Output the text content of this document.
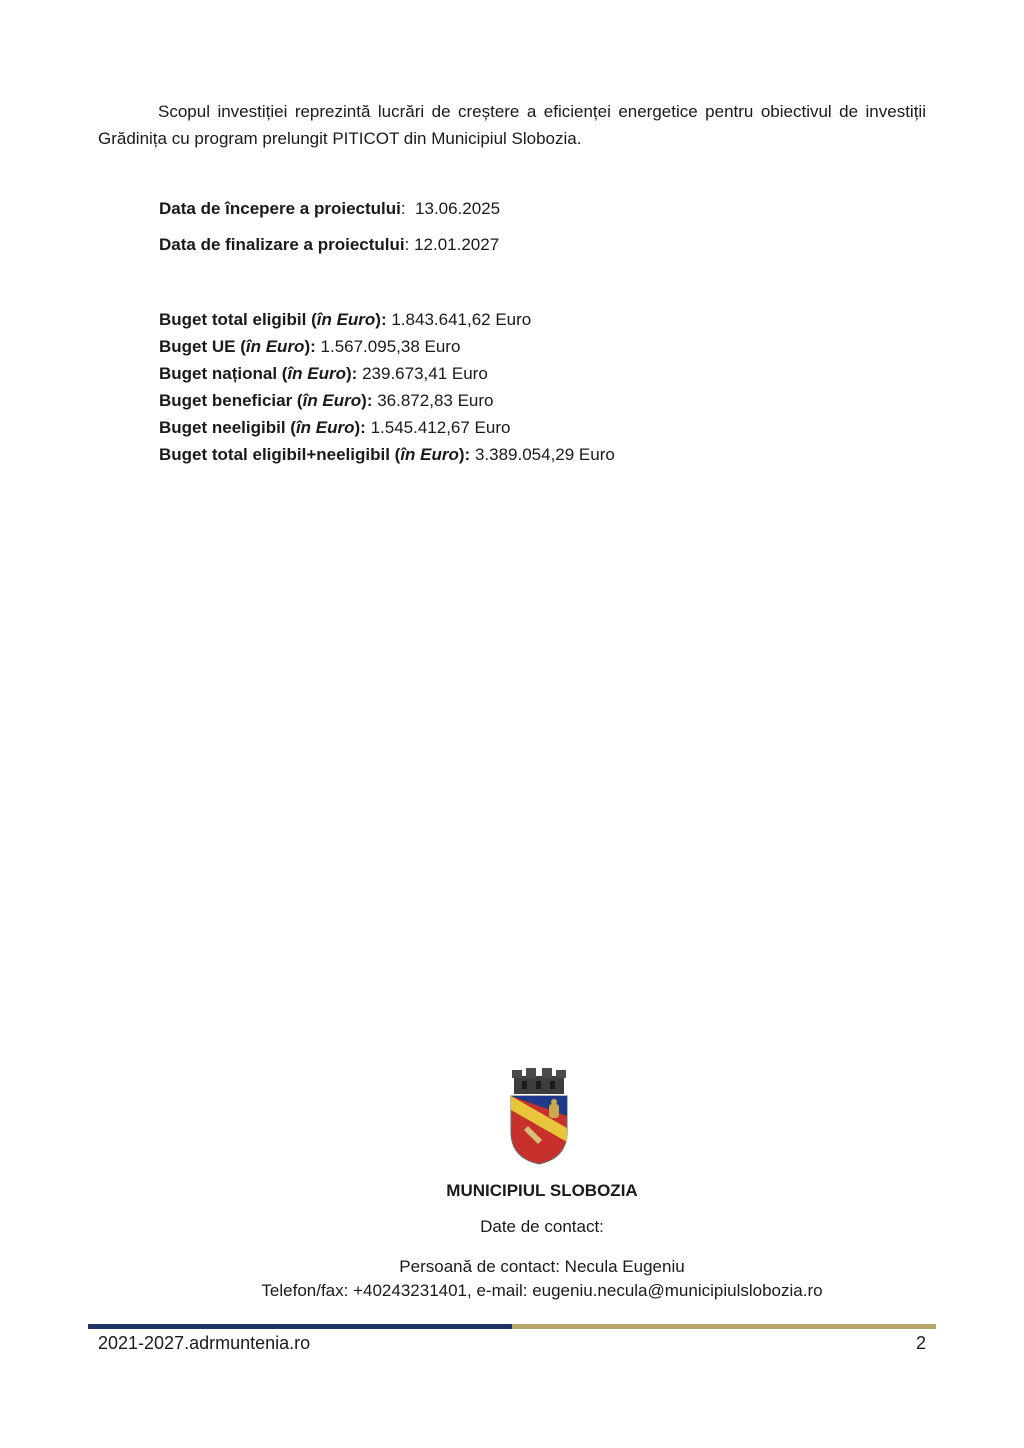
Scopul investiției reprezintă lucrări de creștere a eficienței energetice pentru obiectivul de investiții Grădinița cu program prelungit PITICOT din Municipiul Slobozia.

Data de începere a proiectului:  13.06.2025
Data de finalizare a proiectului: 12.01.2027
Buget total eligibil (în Euro): 1.843.641,62 Euro
Buget UE (în Euro): 1.567.095,38 Euro
Buget național (în Euro): 239.673,41 Euro
Buget beneficiar (în Euro): 36.872,83 Euro
Buget neeligibil (în Euro): 1.545.412,67 Euro
Buget total eligibil+neeligibil (în Euro): 3.389.054,29 Euro
MUNICIPIUL SLOBOZIA
Date de contact:
Persoană de contact: Necula Eugeniu
Telefon/fax: +40243231401, e-mail: eugeniu.necula@municipiulslobozia.ro
2021-2027.adrmuntenia.ro	2
